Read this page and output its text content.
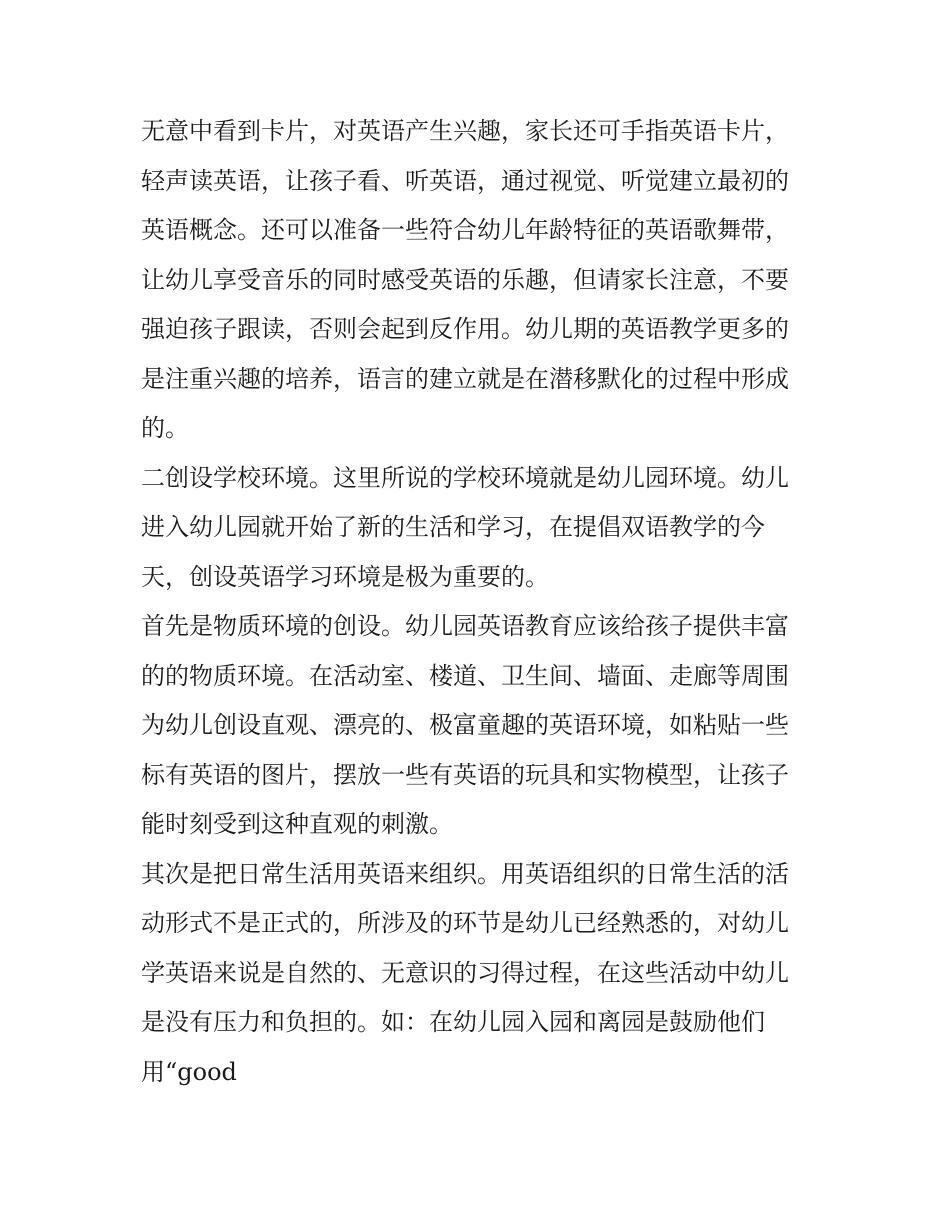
无意中看到卡片，对英语产生兴趣，家长还可手指英语卡片，
轻声读英语，让孩子看、听英语，通过视觉、听觉建立最初的
英语概念。还可以准备一些符合幼儿年龄特征的英语歌舞带，
让幼儿享受音乐的同时感受英语的乐趣，但请家长注意，不要
强迫孩子跟读，否则会起到反作用。幼儿期的英语教学更多的
是注重兴趣的培养，语言的建立就是在潜移默化的过程中形成
的。

二创设学校环境。这里所说的学校环境就是幼儿园环境。幼儿
进入幼儿园就开始了新的生活和学习，在提倡双语教学的今
天，创设英语学习环境是极为重要的。

首先是物质环境的创设。幼儿园英语教育应该给孩子提供丰富
的的物质环境。在活动室、楼道、卫生间、墙面、走廊等周围
为幼儿创设直观、漂亮的、极富童趣的英语环境，如粘贴一些
标有英语的图片，摆放一些有英语的玩具和实物模型，让孩子
能时刻受到这种直观的刺激。

其次是把日常生活用英语来组织。用英语组织的日常生活的活
动形式不是正式的，所涉及的环节是幼儿已经熟悉的，对幼儿
学英语来说是自然的、无意识的习得过程，在这些活动中幼儿
是没有压力和负担的。如：在幼儿园入园和离园是鼓励他们
用“good
